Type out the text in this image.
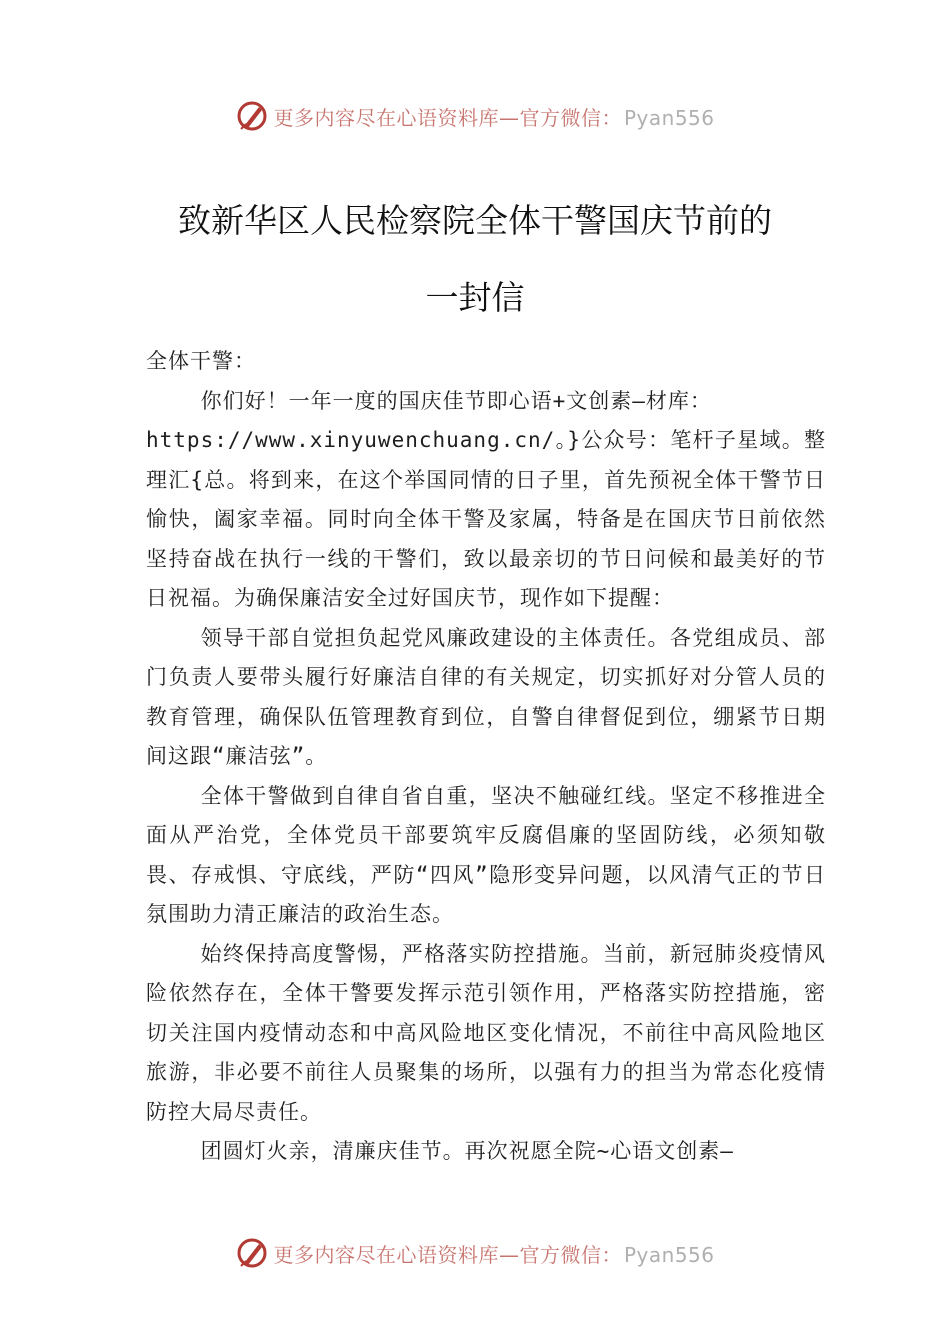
更多内容尽在心语资料库—官方微信： Pyan556
致新华区人民检察院全体干警国庆节前的
一封信

全体干警：

你们好！一年一度的国庆佳节即心语+文创素—材库：

https://www.xinyuwenchuang.cn/。}公众号：笔杆子星域。整理汇{总。将到来，在这个举国同情的日子里，首先预祝全体干警节日愉快，阖家幸福。同时向全体干警及家属，特备是在国庆节日前依然坚持奋战在执行一线的干警们，致以最亲切的节日问候和最美好的节日祝福。为确保廉洁安全过好国庆节，现作如下提醒：

领导干部自觉担负起党风廉政建设的主体责任。各党组成员、部门负责人要带头履行好廉洁自律的有关规定，切实抓好对分管人员的教育管理，确保队伍管理教育到位，自警自律督促到位，绷紧节日期间这跟“廉洁弦”。

全体干警做到自律自省自重，坚决不触碰红线。坚定不移推进全面从严治党，全体党员干部要筑牢反腐倡廉的坚固防线，必须知敬畏、存戒惧、守底线，严防“四风”隐形变异问题，以风清气正的节日氛围助力清正廉洁的政治生态。

始终保持高度警惕，严格落实防控措施。当前，新冠肺炎疫情风险依然存在，全体干警要发挥示范引领作用，严格落实防控措施，密切关注国内疫情动态和中高风险地区变化情况，不前往中高风险地区旅游，非必要不前往人员聚集的场所，以强有力的担当为常态化疫情防控大局尽责任。

团圆灯火亲，清廉庆佳节。再次祝愿全院~心语文创素—

更多内容尽在心语资料库—官方微信： Pyan556
